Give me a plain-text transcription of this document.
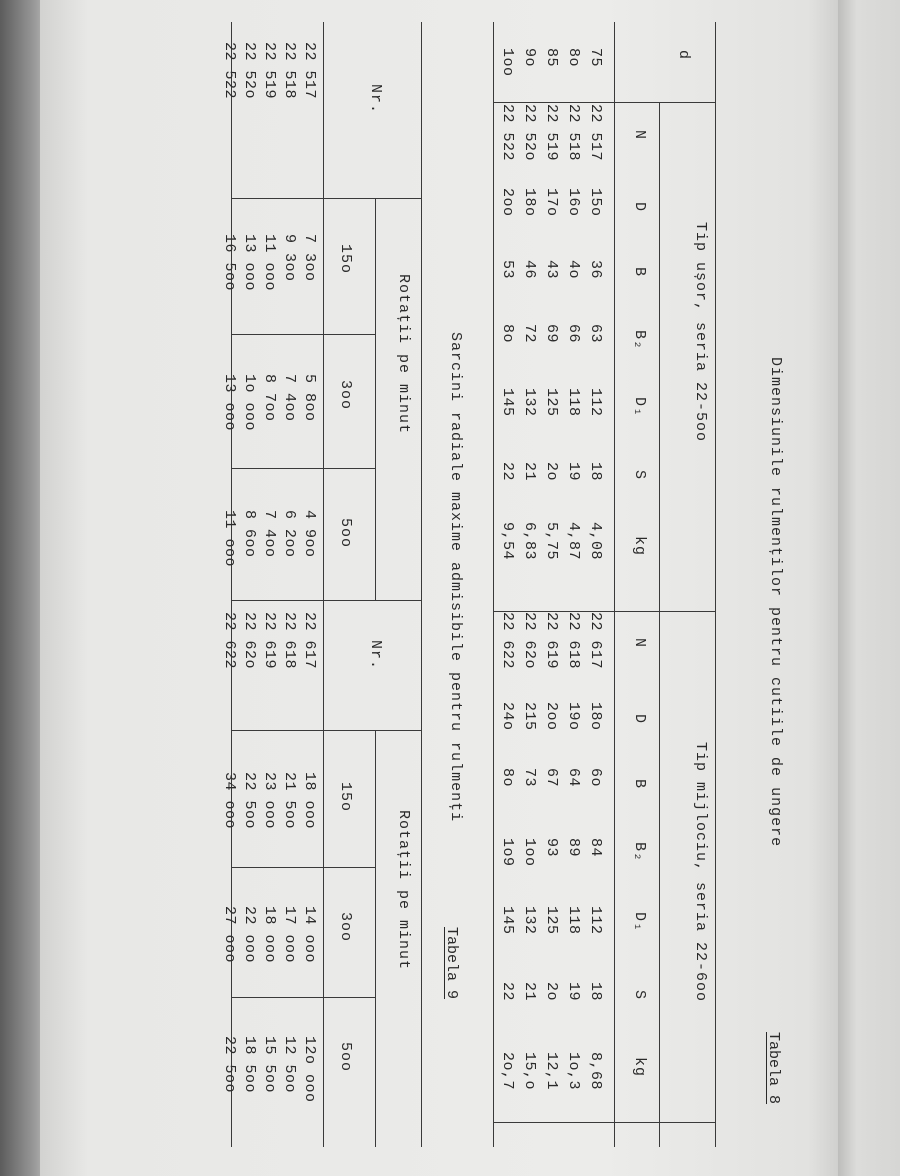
Tabela 8
Dimensiunile rulmenților pentru cutiile de ungere
Tabela 9
Sarcini radiale maxime admisibile pentru rulmenți
d
Tip ușor, seria 22-5oo
Tip mijlociu, seria 22-6oo
N
N
D
D
B
B
B₂
B₂
D₁
D₁
S
S
kg
kg
75
22 517
22 617
15o
18o
36
6o
63
84
112
112
18
18
4,08
8,68
8o
22 518
22 618
16o
19o
4o
64
66
89
118
118
19
19
4,87
1o,3
85
22 519
22 619
17o
2oo
43
67
69
93
125
125
2o
2o
5,75
12,1
9o
22 52o
22 62o
18o
215
46
73
72
1oo
132
132
21
21
6,83
15,o
1oo
22 522
22 622
2oo
24o
53
8o
8o
1o9
145
145
22
22
9,54
2o,7
Nr.
Nr.
Rotații pe minut
Rotații pe minut
15o
15o
3oo
3oo
5oo
5oo
22 517
7 3oo
5 8oo
4 9oo
22 518
9 3oo
7 4oo
6 2oo
22 519
11 ooo
8 7oo
7 4oo
22 52o
13 ooo
1o ooo
8 6oo
22 522
16 5oo
13 ooo
11 ooo
22 617
18 ooo
14 ooo
12o ooo
22 618
21 5oo
17 ooo
12 5oo
22 619
23 ooo
18 ooo
15 5oo
22 62o
22 5oo
22 ooo
18 5oo
22 622
34 ooo
27 ooo
22 5oo
